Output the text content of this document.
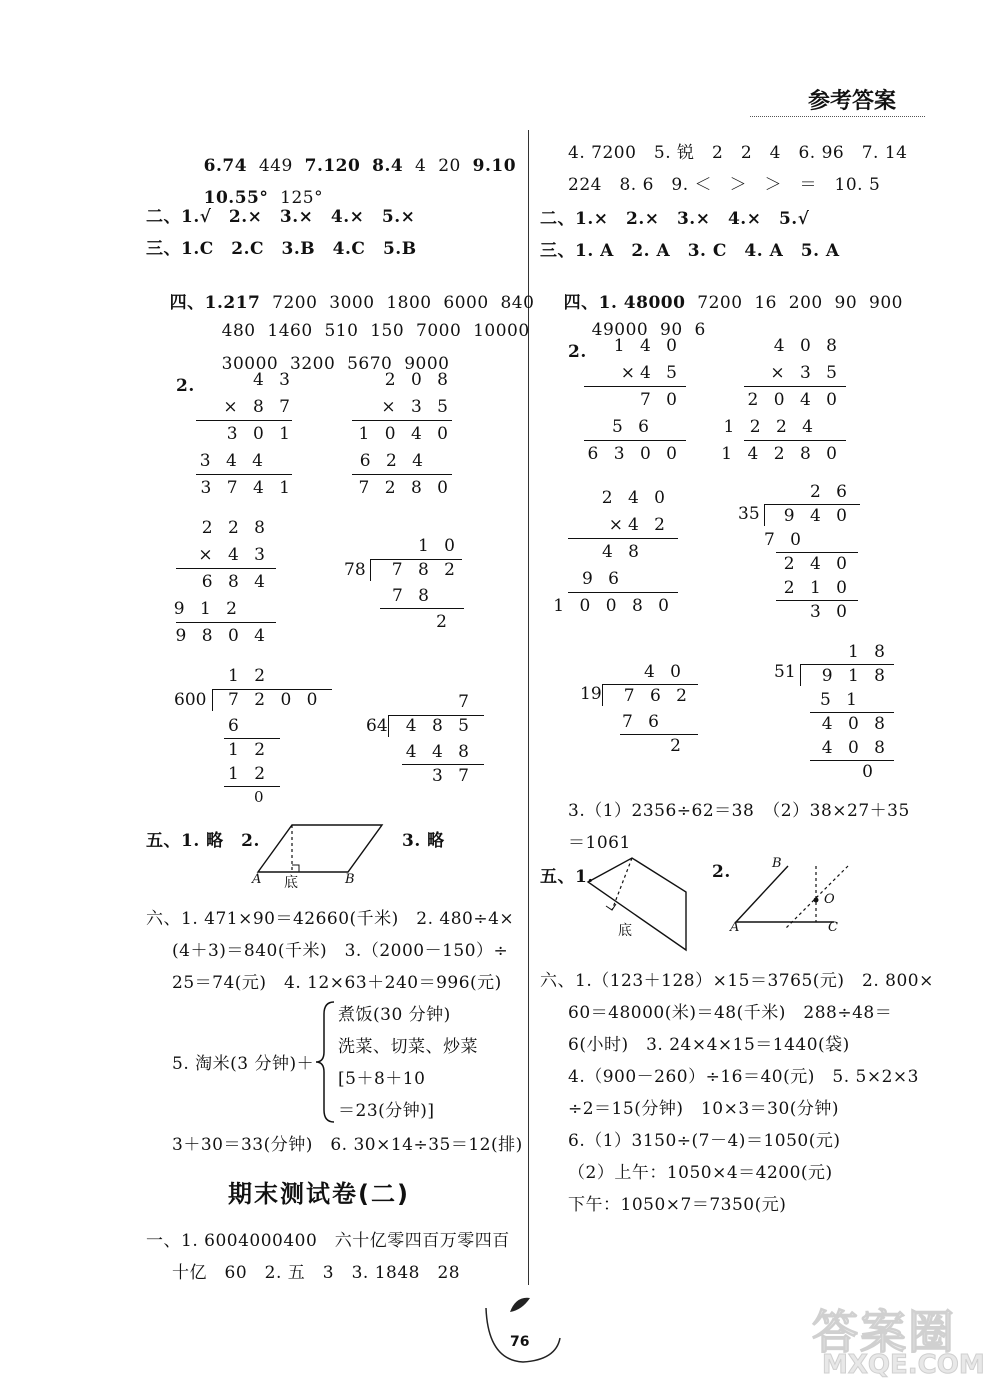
参考答案

6.74 449 7.120 8.4 4 20 9.10

10.55° 125°

二、1.√　2.×　3.×　4.×　5.×
三、1.C　2.C　3.B　4.C　5.B

四、1.217 7200 3000 1800 6000 840

480 1460 510 150 7000 10000

30000 3200 5670 9000

2.	4 3
× 8 7
3 0 1
3 4 4
3 7 4 1
2 0 8
× 3 5
1 0 4 0
6 2 4
7 2 8 0
2 2 8
× 4 3
6 8 4
9 1 2
9 8 0 4
1 0
78 7 8 2
7 8
2
1 2
600 7 2 0 0
6
1 2
1 2
0
7
64 4 8 5
4 4 8
3 7
五、1. 略　2.
A 底	B
3. 略
六、1. 471×90＝42660(千米)　2. 480÷4×
(4＋3)＝840(千米)　3.（2000－150）÷
25＝74(元)　4. 12×63＋240＝996(元)
5. 淘米(3 分钟)＋
煮饭(30 分钟)
洗菜、切菜、炒菜
[5＋8＋10
＝23(分钟)]
3＋30＝33(分钟)　6. 30×14÷35＝12(排)
期末测试卷(二)
一、1. 6004000400　六十亿零四百万零四百
十亿　60　2. 五　3　3. 1848　28
4. 7200　5. 锐　2　2　4　6. 96　7. 14
224　8. 6　9. ＜　＞　＞　＝　10. 5
二、1.×　2.×　3.×　4.×　5.√
三、1. A　2. A　3. C　4. A　5. A

四、1. 48000 7200 16 200 90 900

49000 90 6

2. 1 4 0
×4 5
7 0
5 6
6 3 0 0
4 0 8
× 3 5
2 0 4 0
1 2 2 4
1 4 2 8 0
2 4 0
×4 2
4 8
9 6
1 0 0 8 0
2 6
35 9 4 0
7 0
2 4 0
2 1 0
3 0
4 0
19 7 6 2
7 6
2
1 8
51 9 1 8
5 1
4 0 8
4 0 8
0
3.（1）2356÷62＝38　（2）38×27＋35
＝1061
五、1.
底
2.	B
O
A	C
六、1.（123＋128）×15＝3765(元)　2. 800×
60＝48000(米)＝48(千米)　288÷48＝
6(小时)　3. 24×4×15＝1440(袋)
4.（900－260）÷16＝40(元)　5. 5×2×3
÷2＝15(分钟)　10×3＝30(分钟)
6.（1）3150÷(7－4)＝1050(元)
（2）上午：1050×4＝4200(元)
下午：1050×7＝7350(元)
76	答案圈
MXQE.COM
